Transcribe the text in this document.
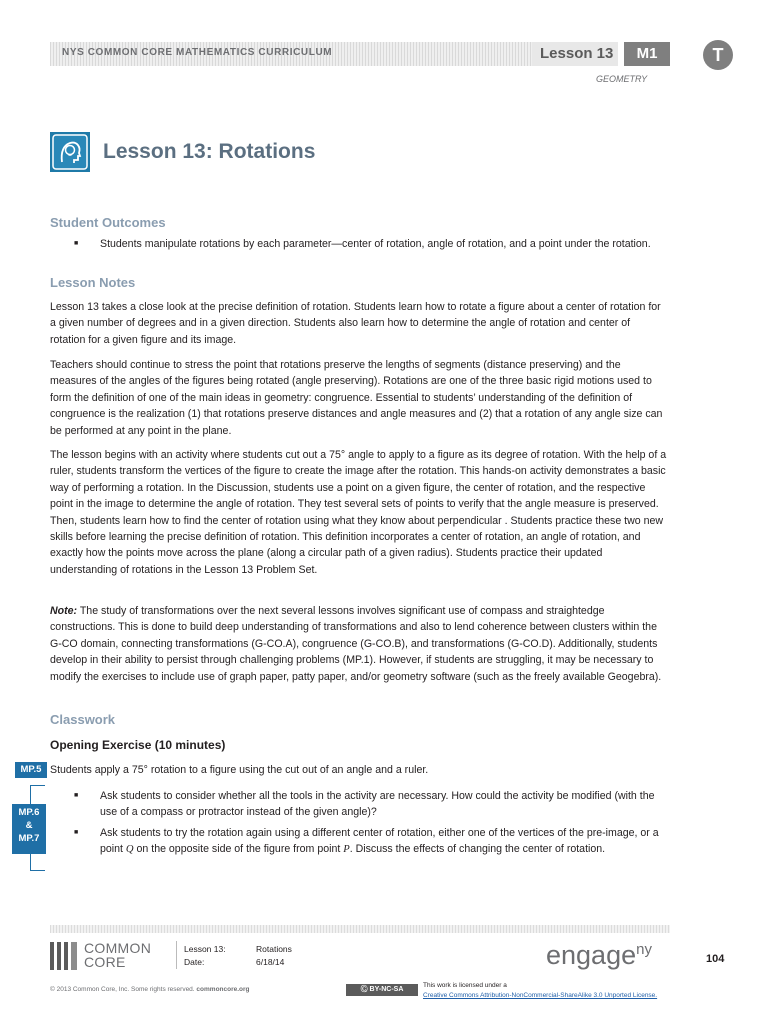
NYS COMMON CORE MATHEMATICS CURRICULUM	Lesson 13	M1	T
GEOMETRY
Lesson 13: Rotations
Student Outcomes
■ Students manipulate rotations by each parameter—center of rotation, angle of rotation, and a point under the rotation.
Lesson Notes
Lesson 13 takes a close look at the precise definition of rotation. Students learn how to rotate a figure about a center of rotation for a given number of degrees and in a given direction. Students also learn how to determine the angle of rotation and center of rotation for a given figure and its image.
Teachers should continue to stress the point that rotations preserve the lengths of segments (distance preserving) and the measures of the angles of the figures being rotated (angle preserving). Rotations are one of the three basic rigid motions used to form the definition of one of the main ideas in geometry: congruence. Essential to students’ understanding of the definition of congruence is the realization (1) that rotations preserve distances and angle measures and (2) that a rotation of any angle size can be performed at any point in the plane.
The lesson begins with an activity where students cut out a 75° angle to apply to a figure as its degree of rotation. With the help of a ruler, students transform the vertices of the figure to create the image after the rotation. This hands-on activity demonstrates a basic way of performing a rotation. In the Discussion, students use a point on a given figure, the center of rotation, and the respective point in the image to determine the angle of rotation. They test several sets of points to verify that the angle measure is preserved. Then, students learn how to find the center of rotation using what they know about perpendicular . Students practice these two new skills before learning the precise definition of rotation. This definition incorporates a center of rotation, an angle of rotation, and exactly how the points move across the plane (along a circular path of a given radius). Students practice their updated understanding of rotations in the Lesson 13 Problem Set.
Note: The study of transformations over the next several lessons involves significant use of compass and straightedge constructions. This is done to build deep understanding of transformations and also to lend coherence between clusters within the G-CO domain, connecting transformations (G-CO.A), congruence (G-CO.B), and transformations (G-CO.D). Additionally, students develop in their ability to persist through challenging problems (MP.1). However, if students are struggling, it may be necessary to modify the exercises to include use of graph paper, patty paper, and/or geometry software (such as the freely available Geogebra).
Classwork
Opening Exercise (10 minutes)
MP.5 Students apply a 75° rotation to a figure using the cut out of an angle and a ruler.
MP.6
&
MP.7
■ Ask students to consider whether all the tools in the activity are necessary. How could the activity be modified (with the use of a compass or protractor instead of the given angle)?
■ Ask students to try the rotation again using a different center of rotation, either one of the vertices of the pre-image, or a point Q on the opposite side of the figure from point P. Discuss the effects of changing the center of rotation.
COMMON
CORE
Lesson 13:	Rotations
Date:	6/18/14	engage$^{ny}$
104
© 2013 Common Core, Inc. Some rights reserved. commoncore.org	Ⓒ BY-NC-SA
This work is licensed under a
Creative Commons Attribution-NonCommercial-ShareAlike 3.0 Unported License.
